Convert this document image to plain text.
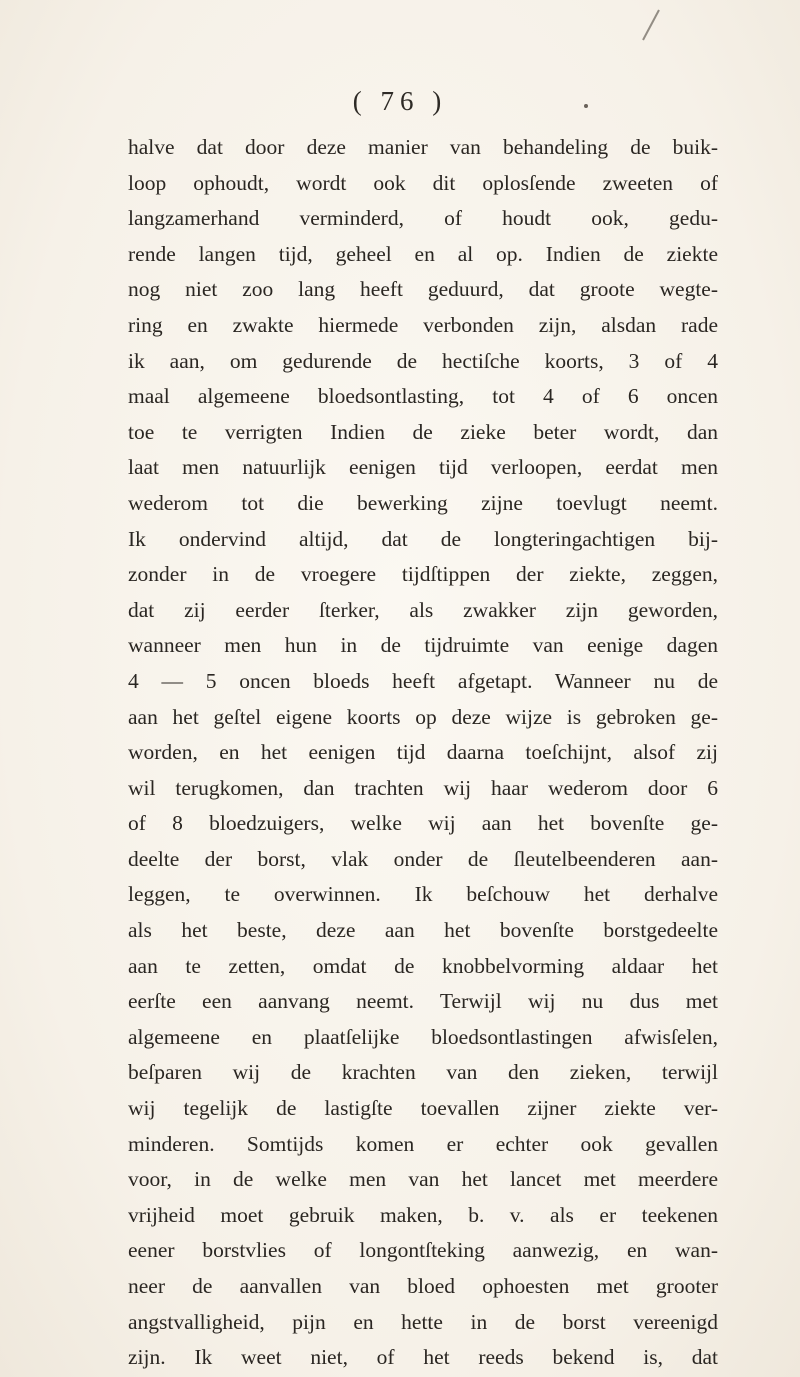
( 76 )
halve dat door deze manier van behandeling de buik-
loop ophoudt, wordt ook dit oplosſende zweeten of
langzamerhand verminderd, of houdt ook, gedu-
rende langen tijd, geheel en al op. Indien de ziekte
nog niet zoo lang heeft geduurd, dat groote wegte-
ring en zwakte hiermede verbonden zijn, alsdan rade
ik aan, om gedurende de hectiſche koorts, 3 of 4
maal algemeene bloedsontlasting, tot 4 of 6 oncen
toe te verrigten Indien de zieke beter wordt, dan
laat men natuurlijk eenigen tijd verloopen, eerdat men
wederom tot die bewerking zijne toevlugt neemt.
Ik ondervind altijd, dat de longteringachtigen bij-
zonder in de vroegere tijdſtippen der ziekte, zeggen,
dat zij eerder ſterker, als zwakker zijn geworden,
wanneer men hun in de tijdruimte van eenige dagen
4 — 5 oncen bloeds heeft afgetapt. Wanneer nu de
aan het geſtel eigene koorts op deze wijze is gebroken ge-
worden, en het eenigen tijd daarna toeſchijnt, alsof zij
wil terugkomen, dan trachten wij haar wederom door 6
of 8 bloedzuigers, welke wij aan het bovenſte ge-
deelte der borst, vlak onder de ſleutelbeenderen aan-
leggen, te overwinnen. Ik beſchouw het derhalve
als het beste, deze aan het bovenſte borstgedeelte
aan te zetten, omdat de knobbelvorming aldaar het
eerſte een aanvang neemt. Terwijl wij nu dus met
algemeene en plaatſelijke bloedsontlastingen afwisſelen,
beſparen wij de krachten van den zieken, terwijl
wij tegelijk de lastigſte toevallen zijner ziekte ver-
minderen. Somtijds komen er echter ook gevallen
voor, in de welke men van het lancet met meerdere
vrijheid moet gebruik maken, b. v. als er teekenen
eener borstvlies of longontſteking aanwezig, en wan-
neer de aanvallen van bloed ophoesten met grooter
angstvalligheid, pijn en hette in de borst vereenigd
zijn. Ik weet niet, of het reeds bekend is, dat
